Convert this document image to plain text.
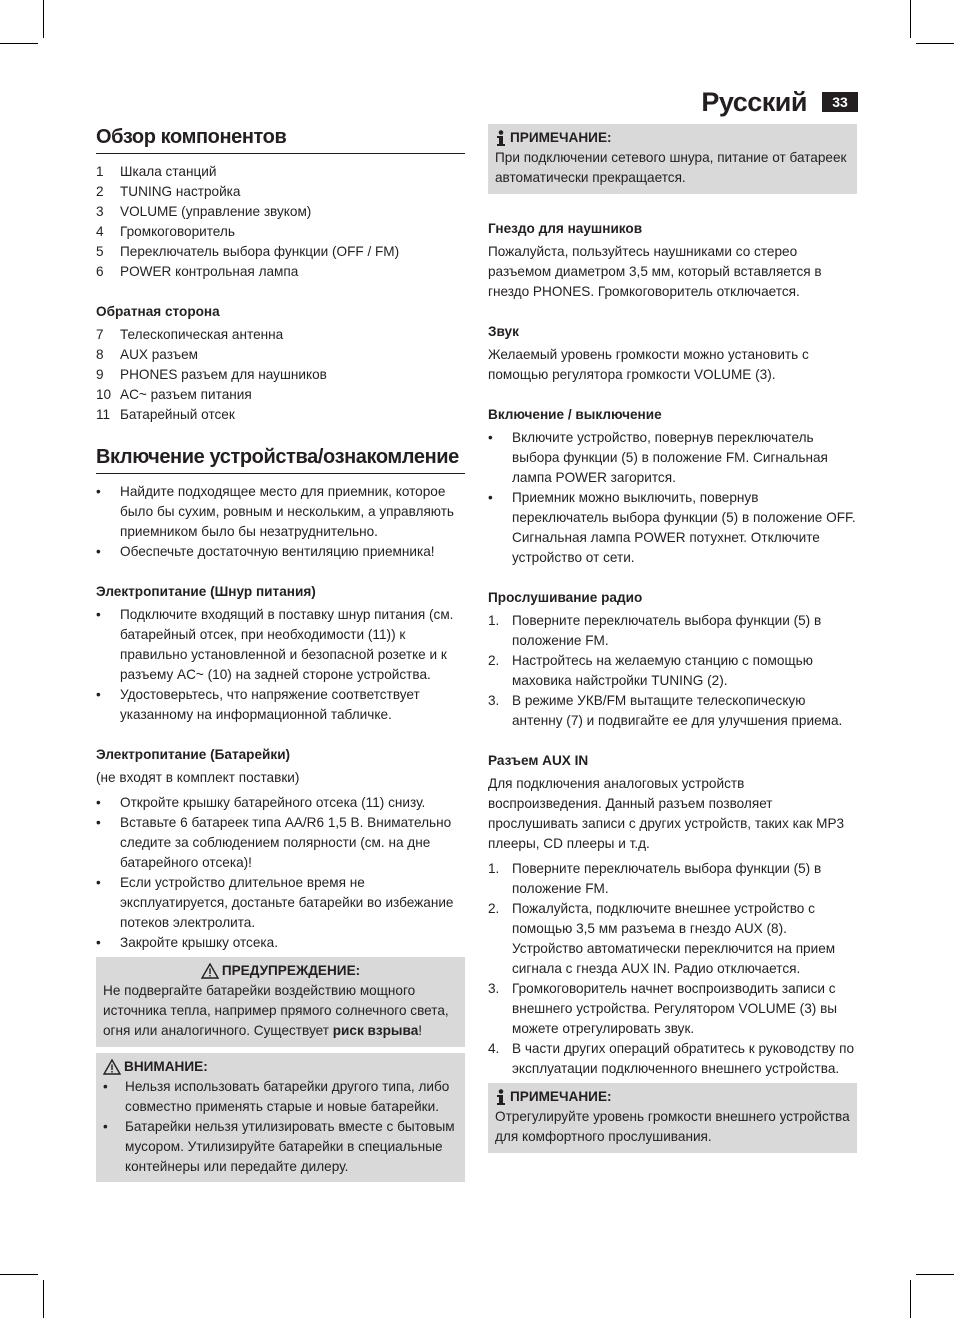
Русский	33
Обзор компонентов
1	Шкала станций
2	TUNING настройка
3	VOLUME (управление звуком)
4	Громкоговоритель
5	Переключатель выбора функции (OFF / FM)
6	POWER контрольная лампа
Обратная сторона
7	Телескопическая антенна
8	AUX разъем
9	PHONES разъем для наушников
10 AC~ разъем питания
11 Батарейный отсек
Включение устройства/ознакомление
•	Найдите подходящее место для приемник, которое было бы сухим, ровным и нескольким, а управляють приемником было бы незатруднительно.
•	Обеспечьте достаточную вентиляцию приемника!
Электропитание (Шнур питания)
•	Подключите входящий в поставку шнур питания (см. батарейный отсек, при необходимости (11)) к правильно установленной и безопасной розетке и к разъему AC~ (10) на задней стороне устройства.
•	Удостоверьтесь, что напряжение соответствует указанному на информационной табличке.
Электропитание (Батарейки)

(не входят в комплект поставки)

•	Откройте крышку батарейного отсека (11) снизу.
•	Вставьте 6 батареек типа AA/R6 1,5 В. Внимательно следите за соблюдением полярности (см. на дне батарейного отсека)!
•	Если устройство длительное время не эксплуатируется, достаньте батарейки во избежание потеков электролита.
•	Закройте крышку отсека.
ПРЕДУПРЕЖДЕНИЕ:

Не подвергайте батарейки воздействию мощного источника тепла, например прямого солнечного света, огня или аналогичного. Существует риск взрыва!

ВНИМАНИЕ:
•	Нельзя использовать батарейки другого типа, либо совместно применять старые и новые батарейки.
•	Батарейки нельзя утилизировать вместе с бытовым мусором. Утилизируйте батарейки в специальные контейнеры или передайте дилеру.
ПРИМЕЧАНИЕ:

При подключении сетевого шнура, питание от батареек автоматически прекращается.

Гнездо для наушников

Пожалуйста, пользуйтесь наушниками со стерео разъемом диаметром 3,5 мм, который вставляется в гнездо PHONES. Громкоговоритель отключается.

Звук

Желаемый уровень громкости можно установить с помощью регулятора громкости VOLUME (3).

Включение / выключение
•	Включите устройство, повернув переключатель выбора функции (5) в положение FM. Сигнальная лампа POWER загорится.
•	Приемник можно выключить, повернув переключатель выбора функции (5) в положение OFF. Сигнальная лампа POWER потухнет. Отключите устройство от сети.
Прослушивание радио
1. Поверните переключатель выбора функции (5) в положение FM.
2. Настройтесь на желаемую станцию с помощью маховика найстройки TUNING (2).
3. В режиме УКВ/FM вытащите телескопическую антенну (7) и подвигайте ее для улучшения приема.
Разъем AUX IN

Для подключения аналоговых устройств воспроизведения. Данный разъем позволяет прослушивать записи с других устройств, таких как MP3 плееры, CD плееры и т.д.

1. Поверните переключатель выбора функции (5) в положение FM.
2. Пожалуйста, подключите внешнее устройство с помощью 3,5 мм разъема в гнездо AUX (8). Устройство автоматически переключится на прием сигнала с гнезда AUX IN. Радио отключается.
3. Громкоговоритель начнет воспроизводить записи с внешнего устройства. Регулятором VOLUME (3) вы можете отрегулировать звук.
4. В части других операций обратитесь к руководству по эксплуатации подключенного внешнего устройства.
ПРИМЕЧАНИЕ:

Отрегулируйте уровень громкости внешнего устройства для комфортного прослушивания.
